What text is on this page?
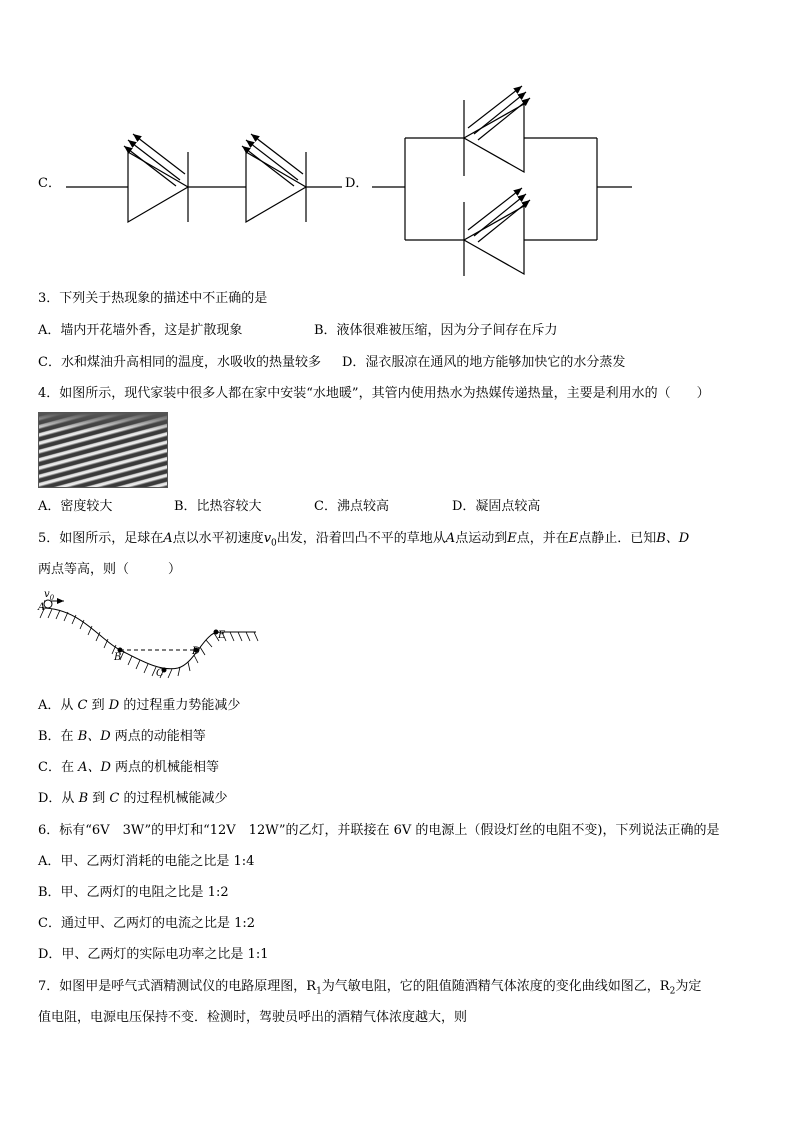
C．	D．
3．下列关于热现象的描述中不正确的是
A．墙内开花墙外香，这是扩散现象	B．液体很难被压缩，因为分子间存在斥力
C．水和煤油升高相同的温度，水吸收的热量较多 D．湿衣服凉在通风的地方能够加快它的水分蒸发
4．如图所示，现代家装中很多人都在家中安装“水地暖”，其管内使用热水为热媒传递热量，主要是利用水的（　　）
A．密度较大	B．比热容较大	C．沸点较高	D．凝固点较高
5．如图所示，足球在A点以水平初速度$v_0$出发，沿着凹凸不平的草地从A点运动到E点，并在E点静止．已知B、D
两点等高，则（　　　）
$v_0$
A
B
C
D
E
A．从 C 到 D 的过程重力势能减少
B．在 B、D 两点的动能相等
C．在 A、D 两点的机械能相等
D．从 B 到 C 的过程机械能减少
6．标有“6V　3W”的甲灯和“12V　12W”的乙灯，并联接在 6V 的电源上（假设灯丝的电阻不变)，下列说法正确的是
A．甲、乙两灯消耗的电能之比是 1:4
B．甲、乙两灯的电阻之比是 1:2
C．通过甲、乙两灯的电流之比是 1:2
D．甲、乙两灯的实际电功率之比是 1:1
7．如图甲是呼气式酒精测试仪的电路原理图，$R_1$为气敏电阻，它的阻值随酒精气体浓度的变化曲线如图乙，$R_2$为定
值电阻，电源电压保持不变．检测时，驾驶员呼出的酒精气体浓度越大，则
